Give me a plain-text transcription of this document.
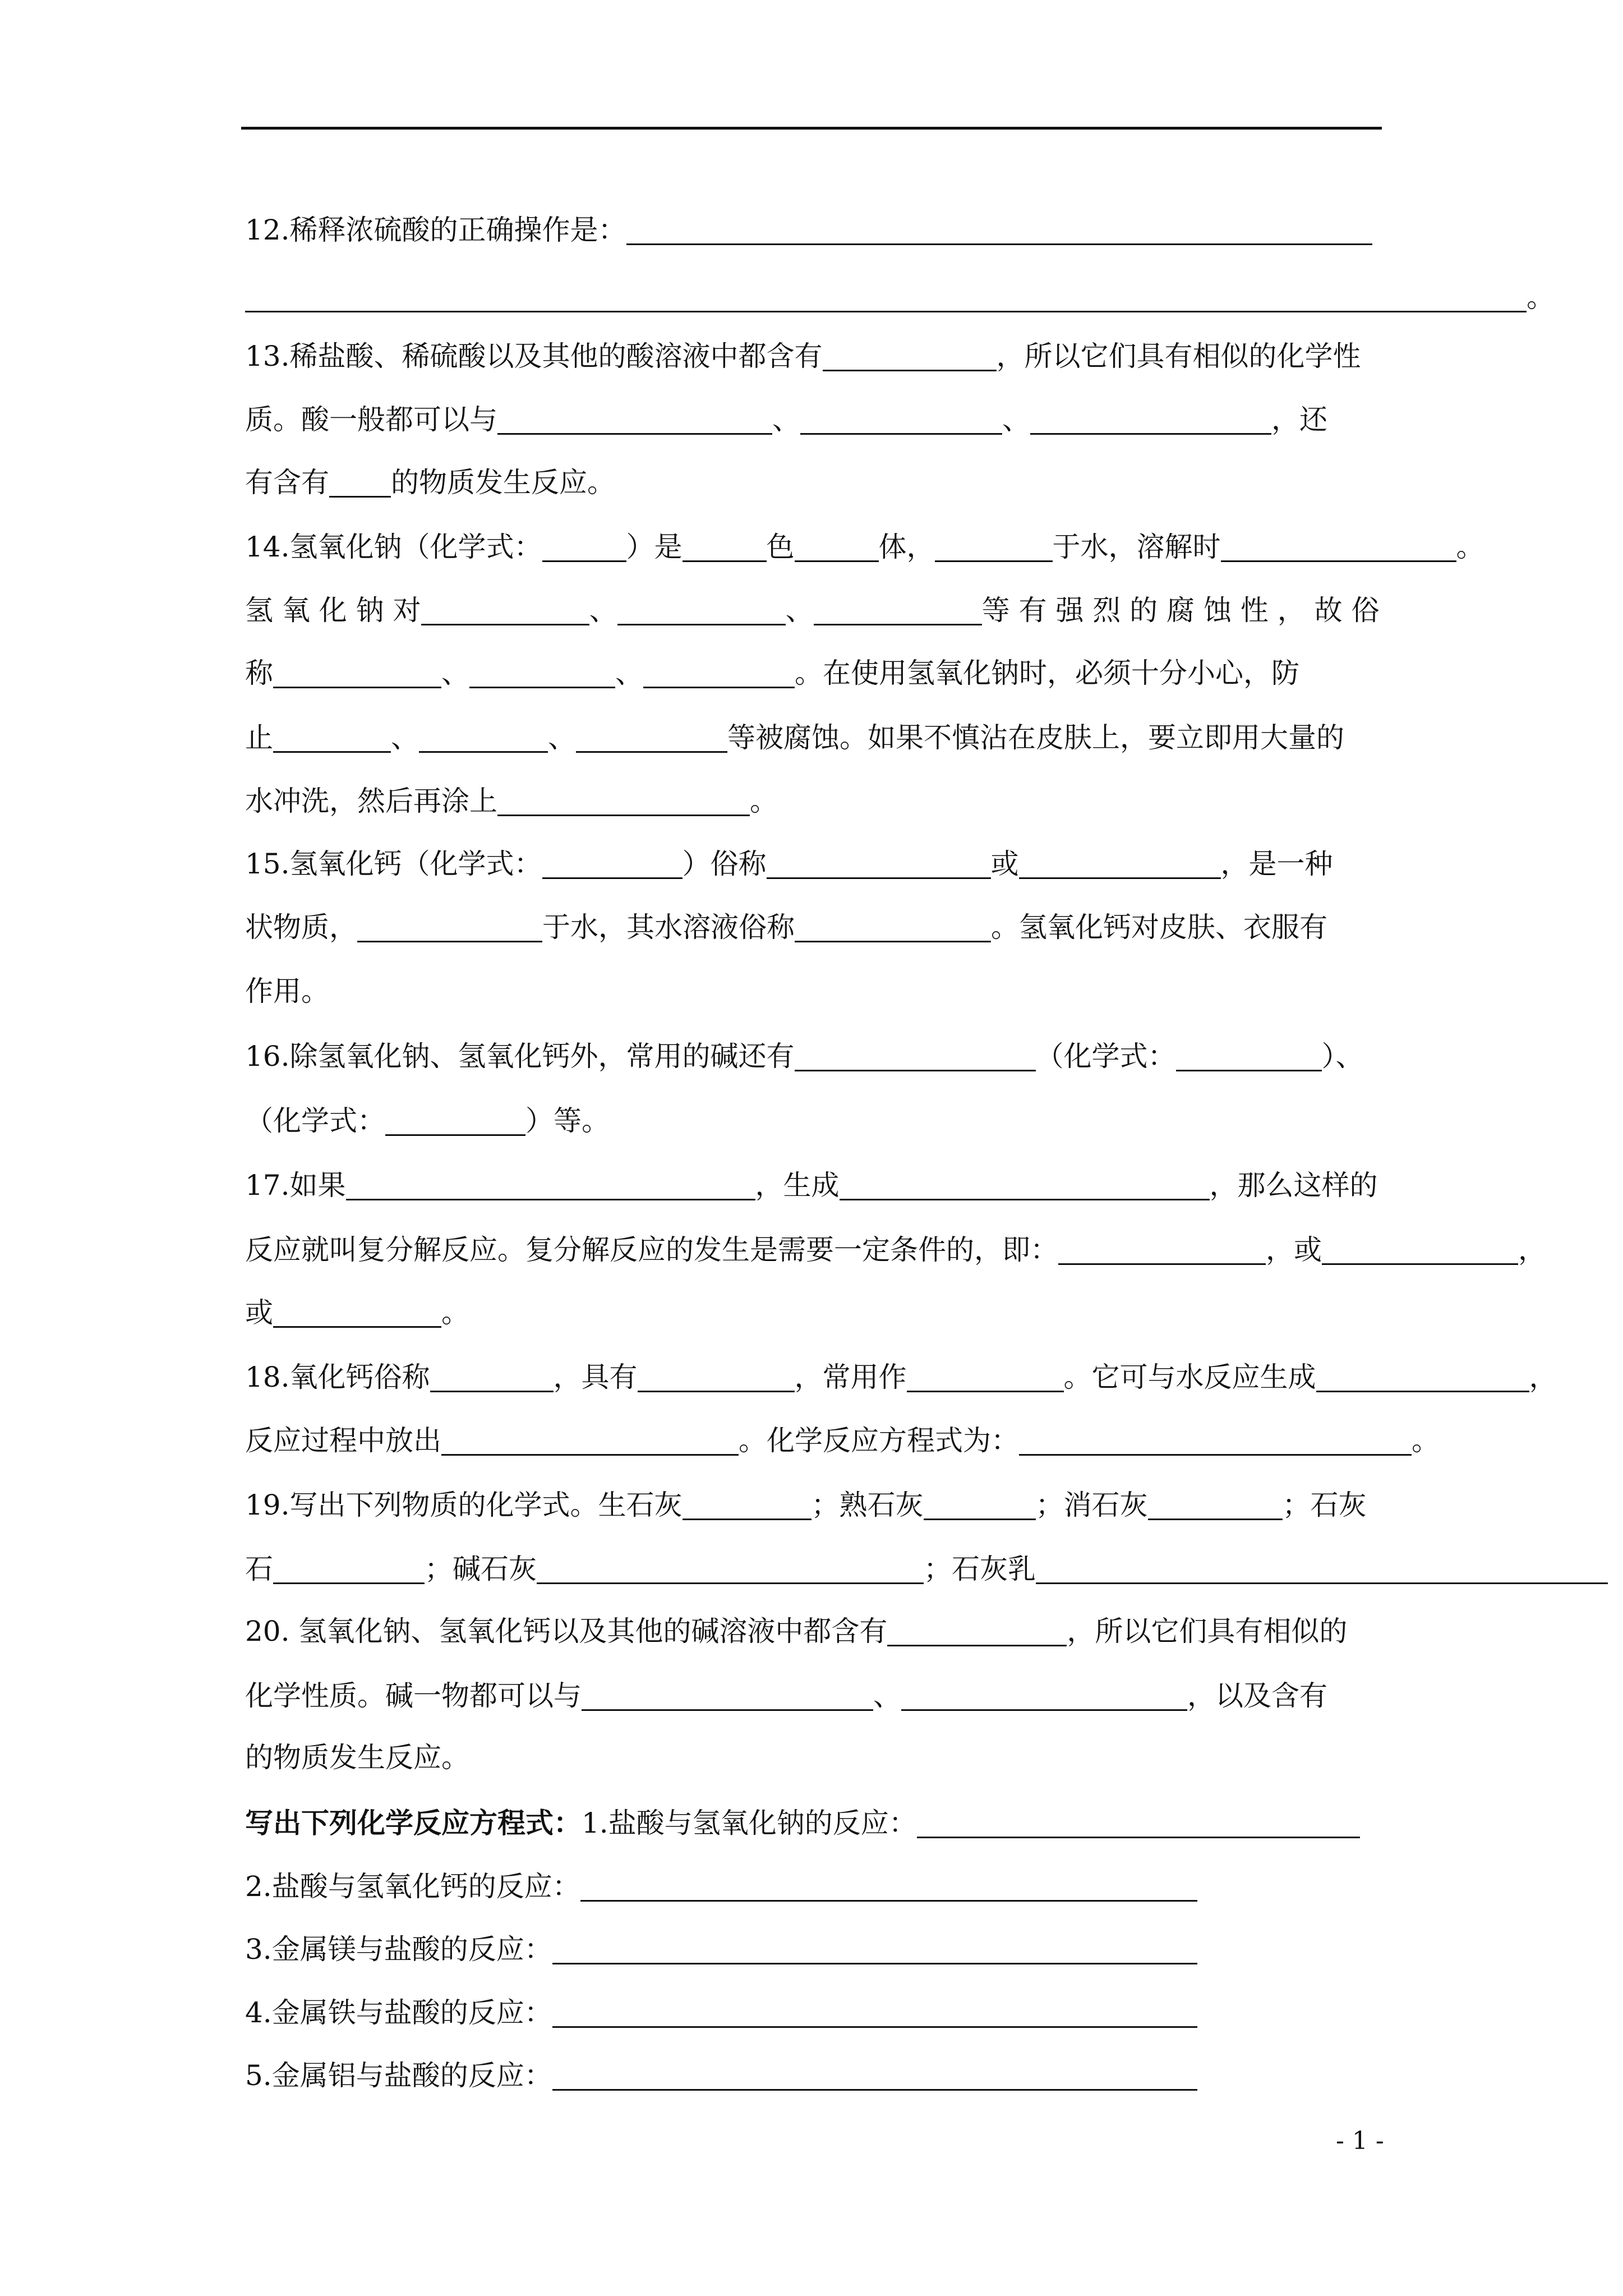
12.稀释浓硫酸的正确操作是：
。
13.稀盐酸、稀硫酸以及其他的酸溶液中都含有	，所以它们具有相似的化学性
质。酸一般都可以与	、	、	，还
有含有 的物质发生反应。
14.氢氧化钠（化学式：	）是	色	体，	于水，溶解时	。
氢 氧 化 钠 对	、	、	等 有 强 烈 的 腐 蚀 性 ， 故 俗
称	、	、	。在使用氢氧化钠时，必须十分小心，防
止	、	、	等被腐蚀。如果不慎沾在皮肤上，要立即用大量的
水冲洗，然后再涂上	。
15.氢氧化钙（化学式：	）俗称	或	，是一种
状物质，	于水，其水溶液俗称	。氢氧化钙对皮肤、衣服有
作用。
16.除氢氧化钠、氢氧化钙外，常用的碱还有	（化学式：	）、
（化学式：	）等。
17.如果	，生成	，那么这样的
反应就叫复分解反应。复分解反应的发生是需要一定条件的，即：	，或	，
或	。
18.氧化钙俗称	，具有	，常用作	。它可与水反应生成	，
反应过程中放出	。化学反应方程式为：	。
19.写出下列物质的化学式。生石灰	；熟石灰	；消石灰	；石灰
石	；碱石灰	；石灰乳
20. 氢氧化钠、氢氧化钙以及其他的碱溶液中都含有	，所以它们具有相似的
化学性质。碱一物都可以与	、	，以及含有
的物质发生反应。
写出下列化学反应方程式：1.盐酸与氢氧化钠的反应：
2.盐酸与氢氧化钙的反应：
3.金属镁与盐酸的反应：
4.金属铁与盐酸的反应：
5.金属铝与盐酸的反应：
- 1 -
